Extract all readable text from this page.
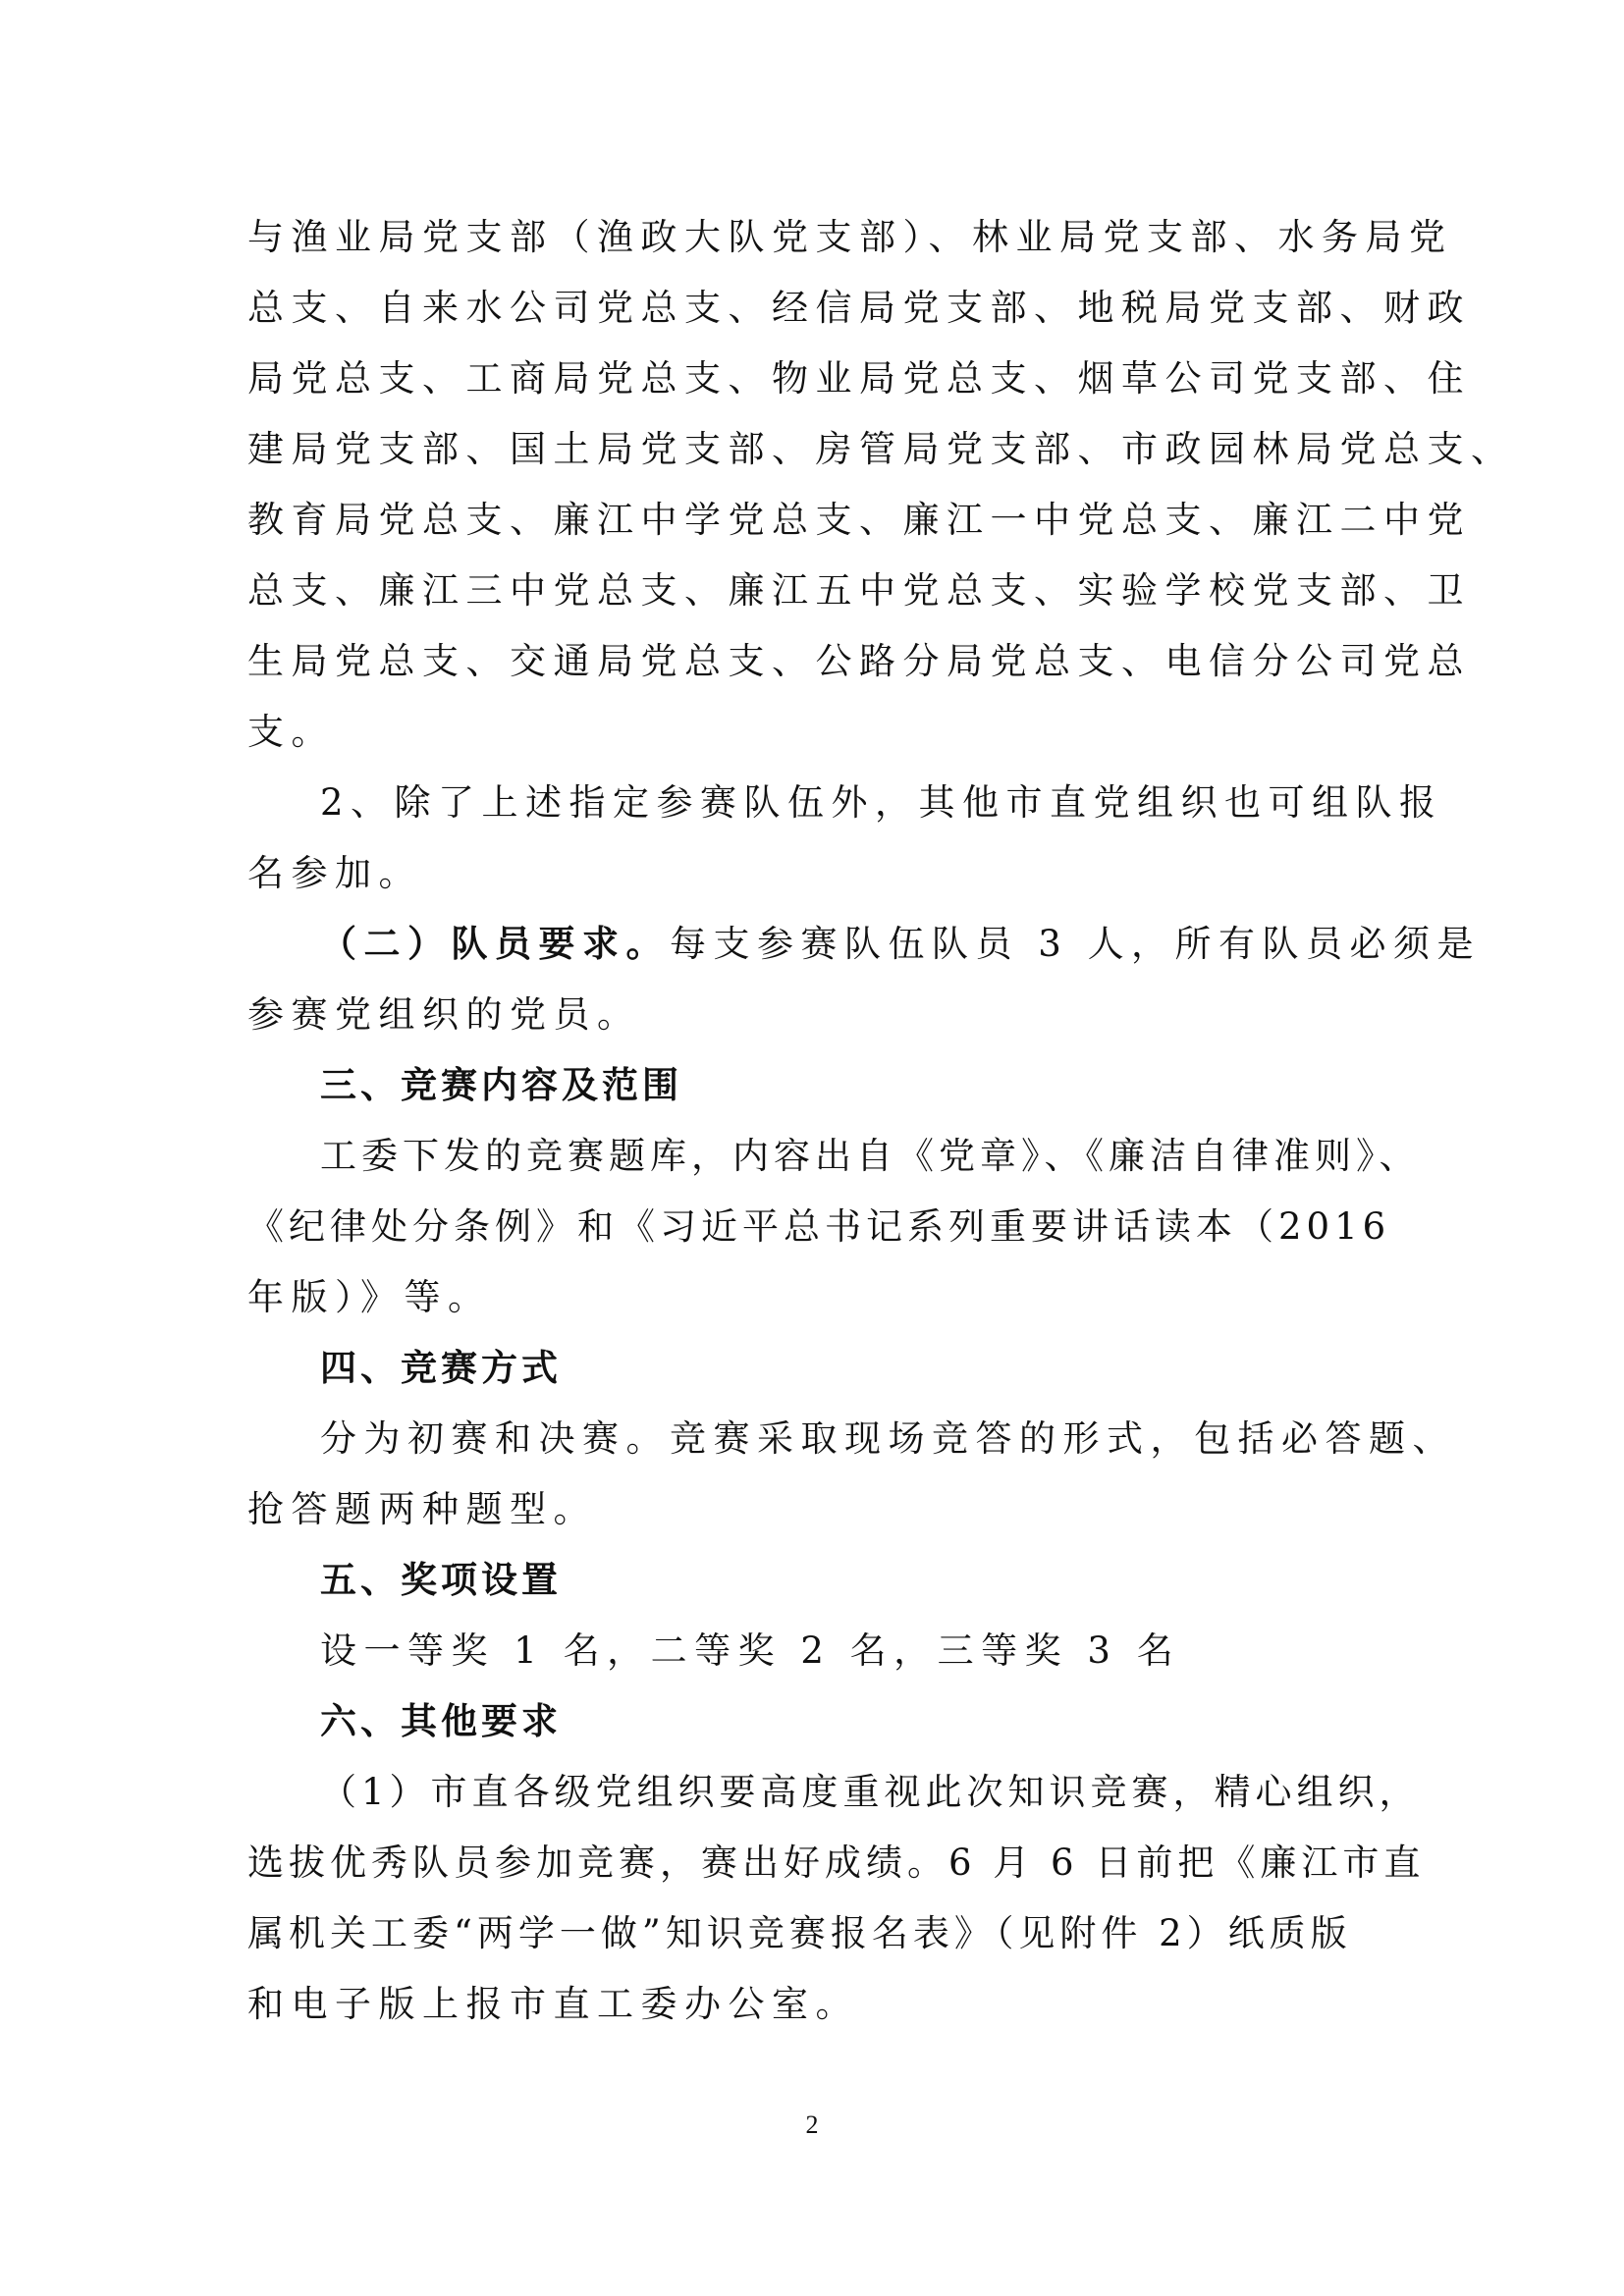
与渔业局党支部（渔政大队党支部）、林业局党支部、水务局党
总支、自来水公司党总支、经信局党支部、地税局党支部、财政
局党总支、工商局党总支、物业局党总支、烟草公司党支部、住
建局党支部、国土局党支部、房管局党支部、市政园林局党总支、
教育局党总支、廉江中学党总支、廉江一中党总支、廉江二中党
总支、廉江三中党总支、廉江五中党总支、实验学校党支部、卫
生局党总支、交通局党总支、公路分局党总支、电信分公司党总
支。
2、除了上述指定参赛队伍外，其他市直党组织也可组队报
名参加。
（二）队员要求。每支参赛队伍队员 3 人，所有队员必须是
参赛党组织的党员。
三、竞赛内容及范围
工委下发的竞赛题库，内容出自《党章》、《廉洁自律准则》、
《纪律处分条例》和《习近平总书记系列重要讲话读本（2016
年版）》等。
四、竞赛方式
分为初赛和决赛。竞赛采取现场竞答的形式，包括必答题、
抢答题两种题型。
五、奖项设置
设一等奖 1 名，二等奖 2 名，三等奖 3 名
六、其他要求
（1）市直各级党组织要高度重视此次知识竞赛，精心组织，
选拔优秀队员参加竞赛，赛出好成绩。6 月 6 日前把《廉江市直
属机关工委“两学一做”知识竞赛报名表》（见附件 2）纸质版
和电子版上报市直工委办公室。
2
